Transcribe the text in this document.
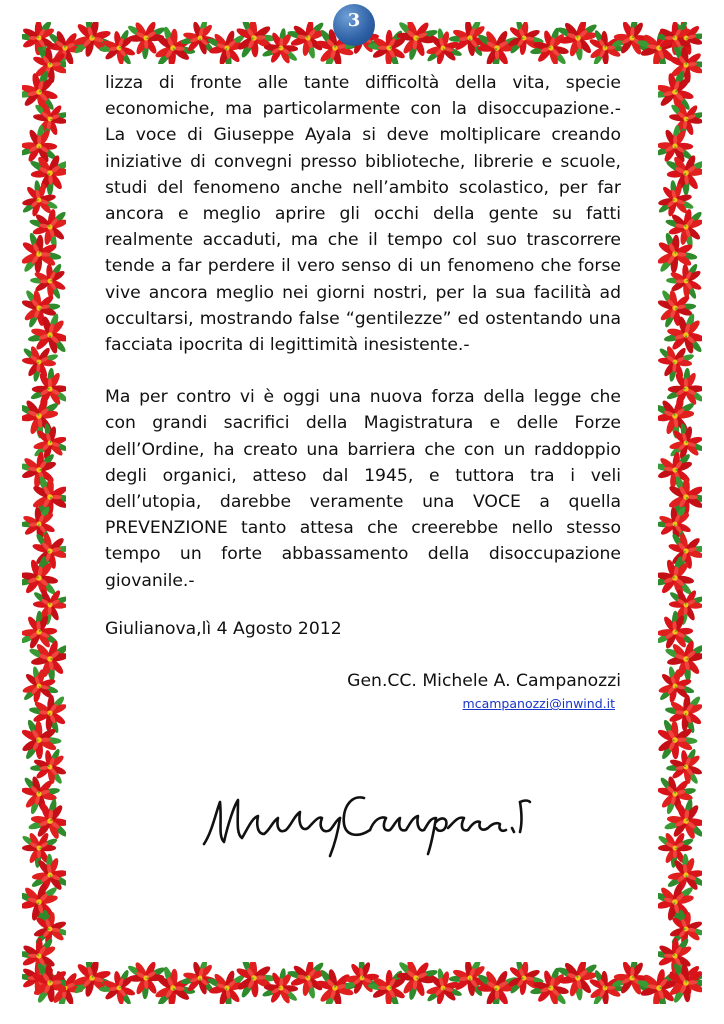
3

lizza di fronte alle tante difficoltà della vita, specie economiche, ma particolarmente con la disoccupazione.- La voce di Giuseppe Ayala si deve moltiplicare creando iniziative di convegni presso biblioteche, librerie e scuole, studi del fenomeno anche nell’ambito scolastico, per far ancora e meglio aprire gli occhi della gente su fatti realmente accaduti, ma che il tempo col suo trascorrere tende a far perdere il vero senso di un fenomeno che forse vive ancora meglio nei giorni nostri, per la sua facilità ad occultarsi, mostrando false “gentilezze” ed ostentando una facciata ipocrita di legittimità inesistente.-

Ma per contro vi è oggi una nuova forza della legge che con grandi sacrifici della Magistratura e delle Forze dell’Ordine, ha creato una barriera che con un raddoppio degli organici, atteso dal 1945, e tuttora tra i veli dell’utopia, darebbe veramente una VOCE a quella PREVENZIONE tanto attesa che creerebbe nello stesso tempo un forte abbassamento della disoccupazione giovanile.-

Giulianova,lì 4 Agosto 2012

Gen.CC. Michele A. Campanozzi
mcampanozzi@inwind.it
